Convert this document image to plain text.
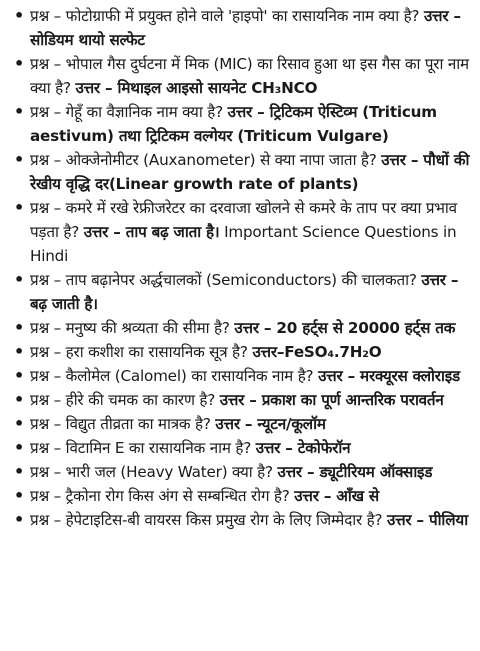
• प्रश्न – फोटोग्राफी में प्रयुक्त होने वाले 'हाइपो' का रासायनिक नाम क्या है? उत्तर – सोडियम थायो सल्फेट
• प्रश्न – भोपाल गैस दुर्घटना में मिक (MIC) का रिसाव हुआ था इस गैस का पूरा नाम क्या है? उत्तर – मिथाइल आइसो सायनेट CH₃NCO
• प्रश्न – गेहूँ का वैज्ञानिक नाम क्या है? उत्तर – ट्रिटिकम ऐस्टिव्म (Triticum aestivum) तथा ट्रिटिकम वल्गेयर (Triticum Vulgare)
• प्रश्न – ओक्जेनोमीटर (Auxanometer) से क्या नापा जाता है? उत्तर – पौधों की रेखीय वृद्धि दर(Linear growth rate of plants)
• प्रश्न – कमरे में रखे रेफ्रीजरेटर का दरवाजा खोलने से कमरे के ताप पर क्या प्रभाव पड़ता है? उत्तर – ताप बढ़ जाता है। Important Science Questions in Hindi
• प्रश्न – ताप बढ़ानेपर अर्द्धचालकों (Semiconductors) की चालकता? उत्तर – बढ़ जाती है।
• प्रश्न – मनुष्य की श्रव्यता की सीमा है? उत्तर – 20 हर्ट्स से 20000 हर्ट्स तक
• प्रश्न – हरा कशीश का रासायनिक सूत्र है? उत्तर–FeSO₄.7H₂O
• प्रश्न – कैलोमेल (Calomel) का रासायनिक नाम है? उत्तर – मरक्यूरस क्लोराइड
• प्रश्न – हीरे की चमक का कारण है? उत्तर – प्रकाश का पूर्ण आन्तरिक परावर्तन
• प्रश्न – विद्युत तीव्रता का मात्रक है? उत्तर – न्यूटन/कूलॉम
• प्रश्न – विटामिन E का रासायनिक नाम है? उत्तर – टेकोफेरॉन
• प्रश्न – भारी जल (Heavy Water) क्या है? उत्तर – ड्यूटीरियम ऑक्साइड
• प्रश्न – ट्रैकोना रोग किस अंग से सम्बन्धित रोग है? उत्तर – आँख से
• प्रश्न – हेपेटाइटिस-बी वायरस किस प्रमुख रोग के लिए जिम्मेदार है? उत्तर – पीलिया
